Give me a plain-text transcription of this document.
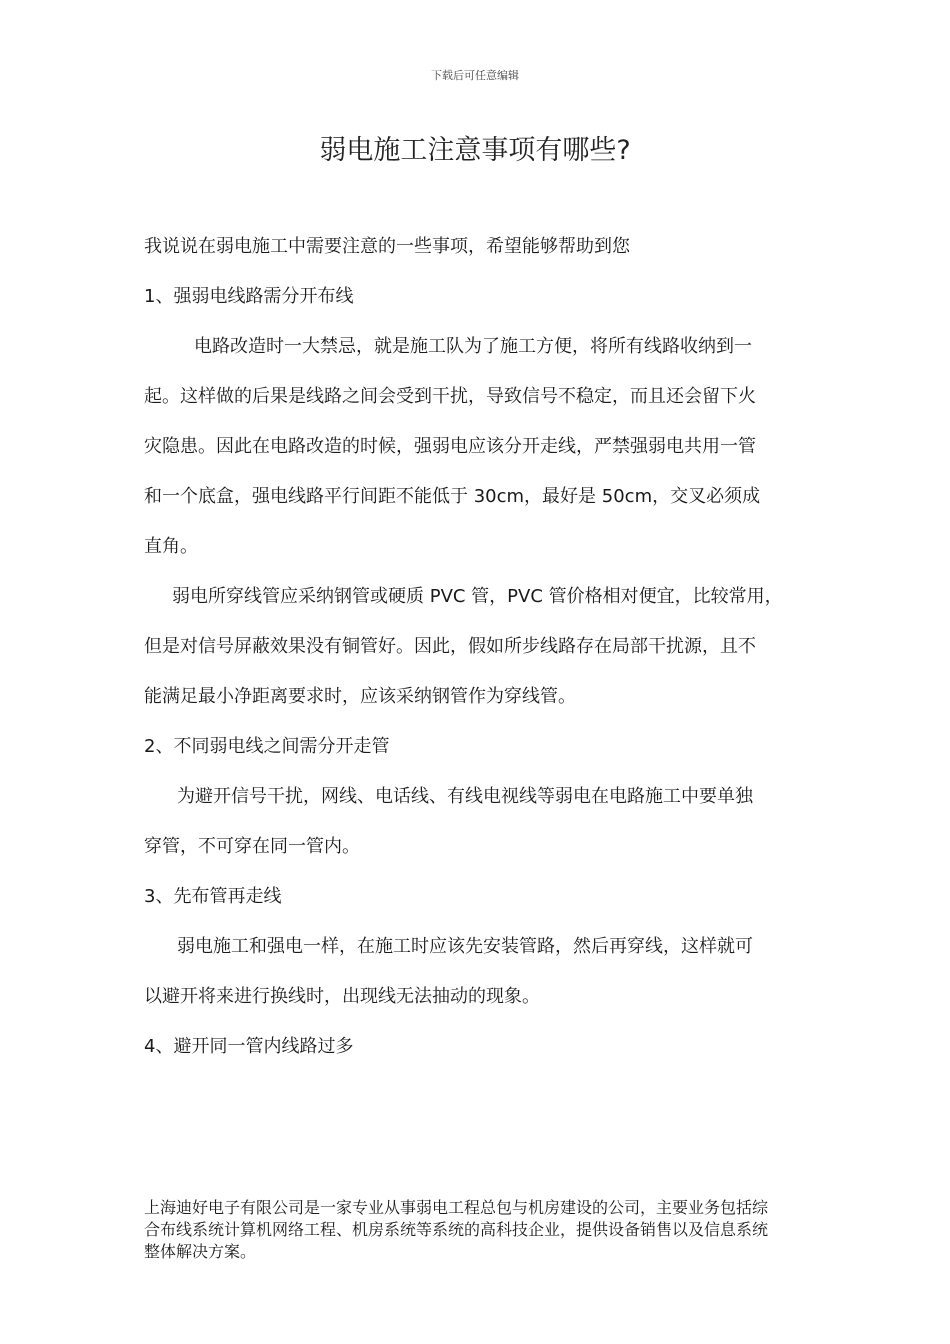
下载后可任意编辑
弱电施工注意事项有哪些?

我说说在弱电施工中需要注意的一些事项，希望能够帮助到您

1、强弱电线路需分开布线

电路改造时一大禁忌，就是施工队为了施工方便，将所有线路收纳到一

起。这样做的后果是线路之间会受到干扰，导致信号不稳定，而且还会留下火

灾隐患。因此在电路改造的时候，强弱电应该分开走线，严禁强弱电共用一管

和一个底盒，强电线路平行间距不能低于 30cm，最好是 50cm，交叉必须成

直角。

弱电所穿线管应采纳钢管或硬质 PVC 管，PVC 管价格相对便宜，比较常用，

但是对信号屏蔽效果没有铜管好。因此，假如所步线路存在局部干扰源，且不

能满足最小净距离要求时，应该采纳钢管作为穿线管。

2、不同弱电线之间需分开走管

为避开信号干扰，网线、电话线、有线电视线等弱电在电路施工中要单独

穿管，不可穿在同一管内。

3、先布管再走线

弱电施工和强电一样，在施工时应该先安装管路，然后再穿线，这样就可

以避开将来进行换线时，出现线无法抽动的现象。

4、避开同一管内线路过多

上海迪好电子有限公司是一家专业从事弱电工程总包与机房建设的公司，主要业务包括综
合布线系统计算机网络工程、机房系统等系统的高科技企业，提供设备销售以及信息系统
整体解决方案。
